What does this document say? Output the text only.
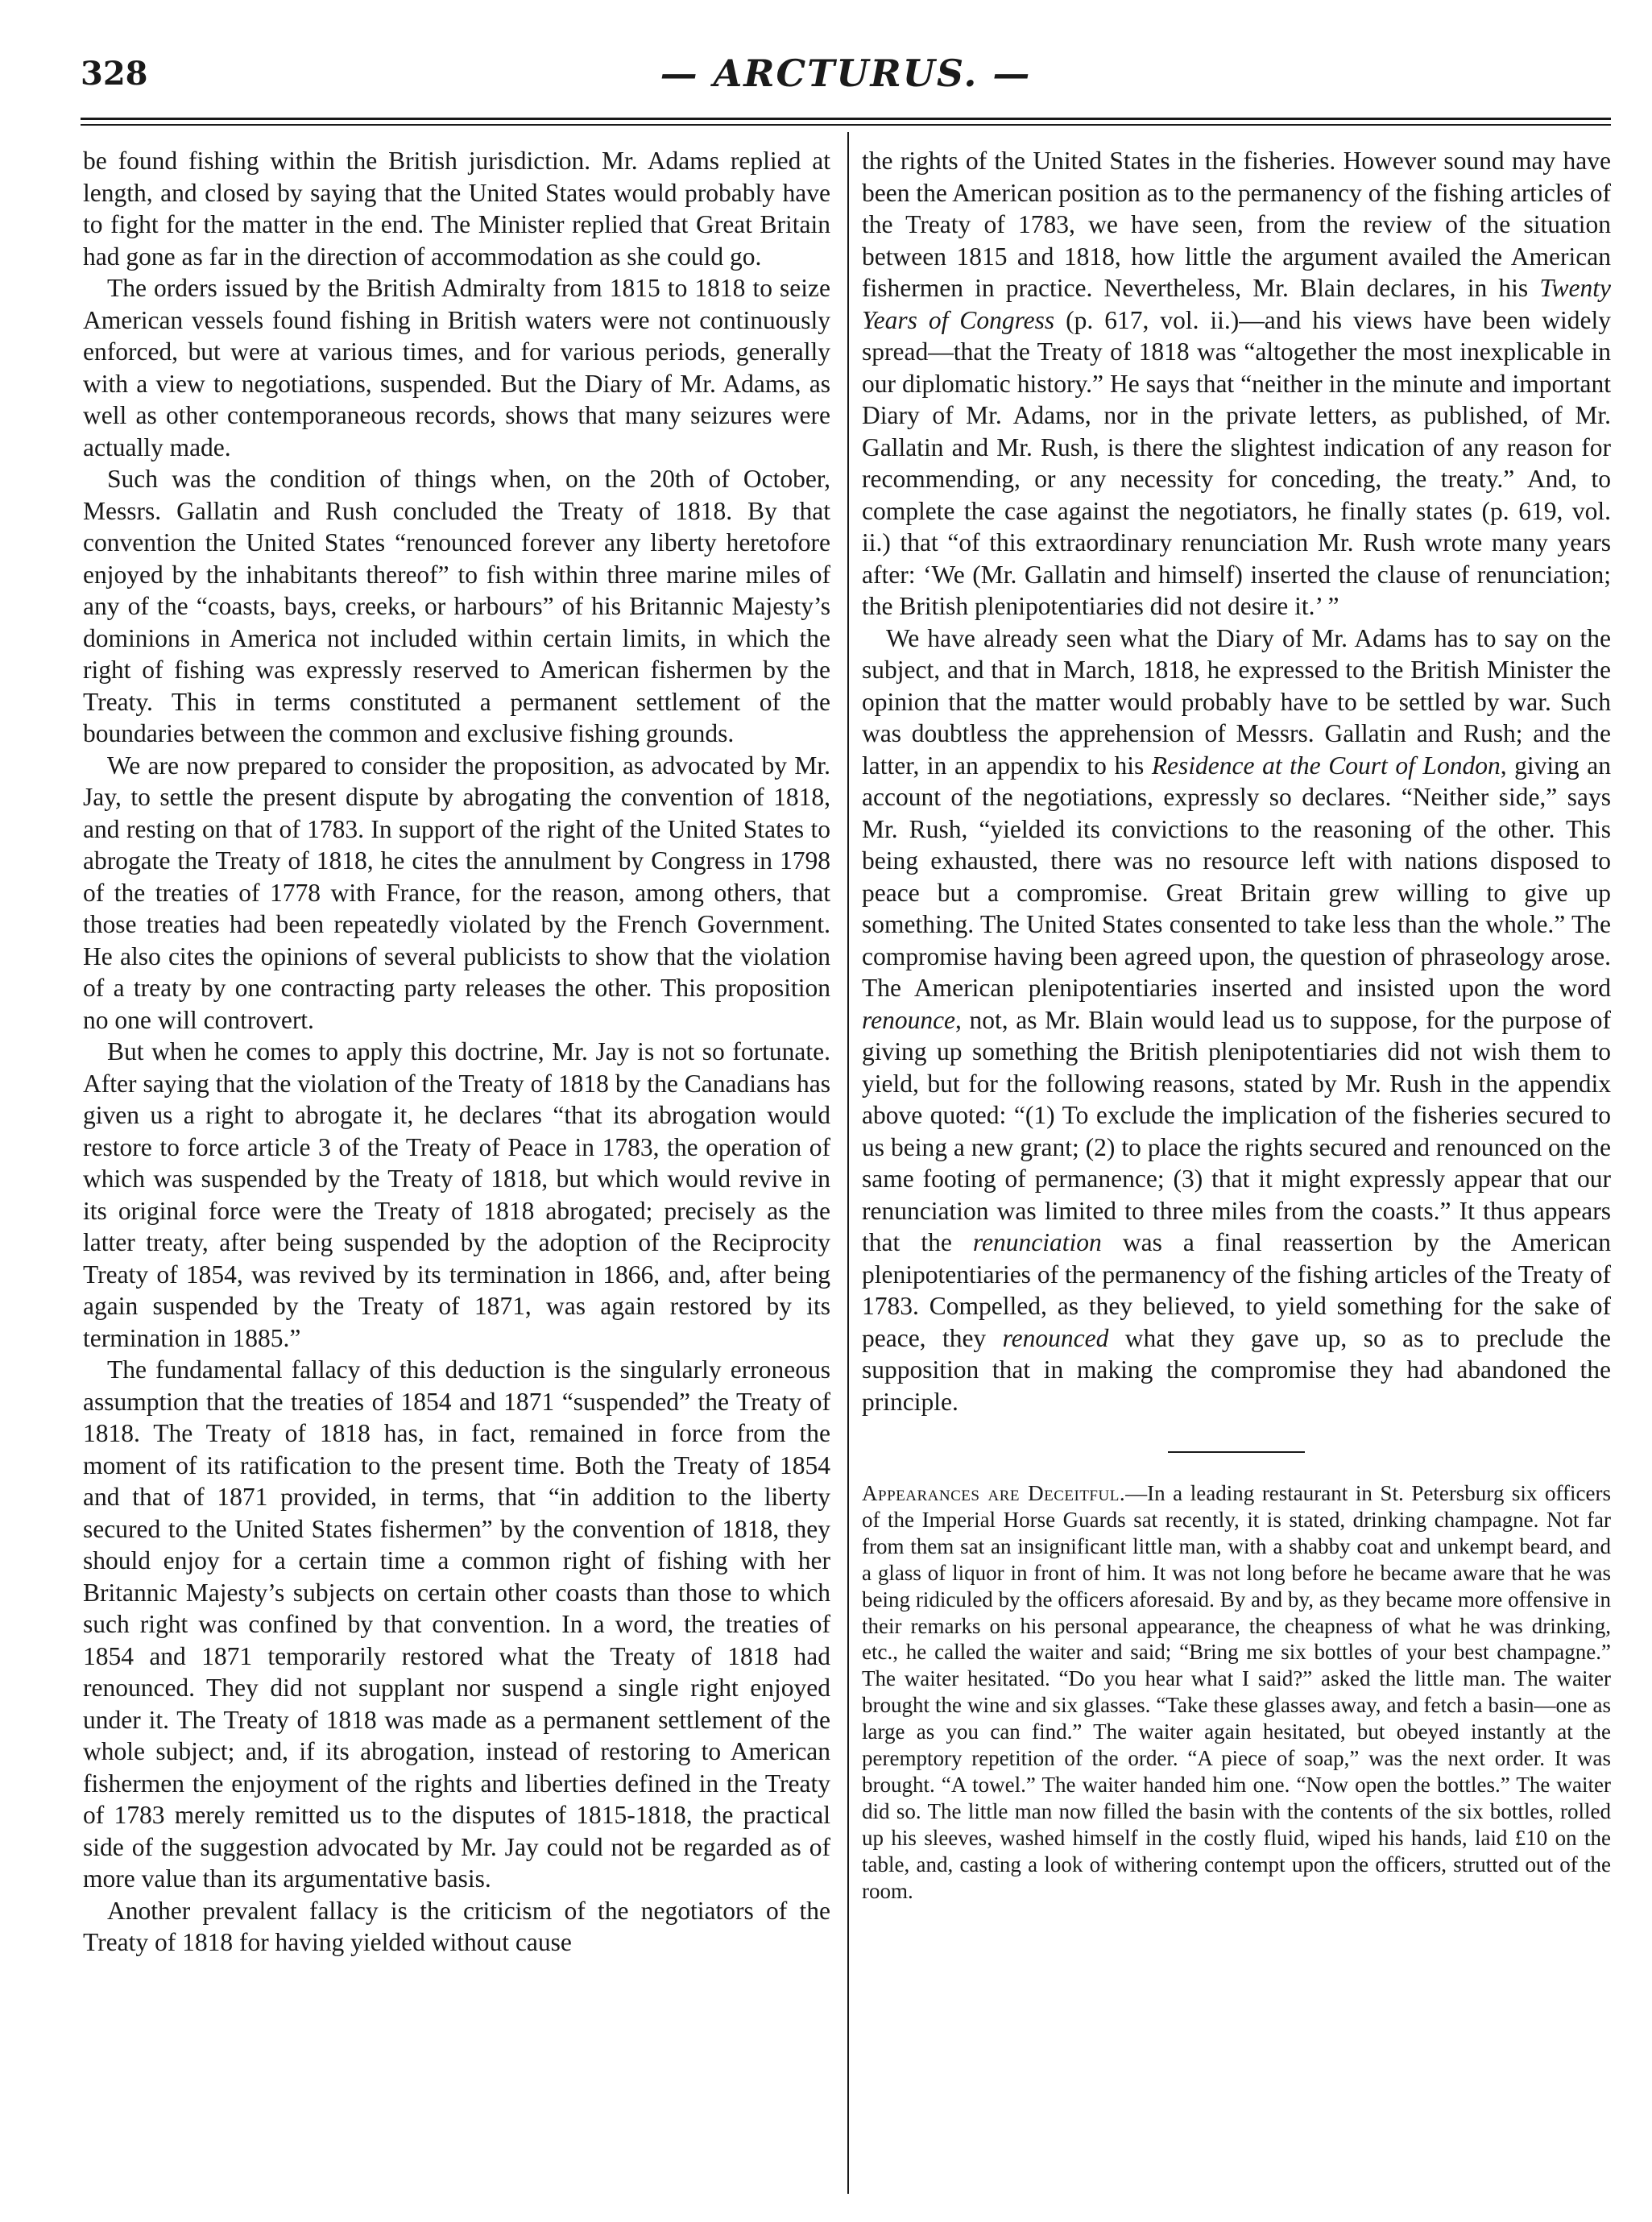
328	— ARCTURUS. —

be found fishing within the British jurisdiction. Mr. Adams replied at length, and closed by saying that the United States would probably have to fight for the matter in the end. The Minister replied that Great Britain had gone as far in the direction of accommodation as she could go.

The orders issued by the British Admiralty from 1815 to 1818 to seize American vessels found fishing in British waters were not continuously enforced, but were at various times, and for various periods, generally with a view to negotiations, suspended. But the Diary of Mr. Adams, as well as other contemporaneous records, shows that many seizures were actually made.

Such was the condition of things when, on the 20th of October, Messrs. Gallatin and Rush concluded the Treaty of 1818. By that convention the United States “renounced forever any liberty heretofore enjoyed by the inhabitants thereof” to fish within three marine miles of any of the “coasts, bays, creeks, or harbours” of his Britannic Majesty’s dominions in America not included within certain limits, in which the right of fishing was expressly reserved to American fishermen by the Treaty. This in terms constituted a permanent settlement of the boundaries between the common and exclusive fishing grounds.

We are now prepared to consider the proposition, as advocated by Mr. Jay, to settle the present dispute by abrogating the convention of 1818, and resting on that of 1783. In support of the right of the United States to abrogate the Treaty of 1818, he cites the annulment by Congress in 1798 of the treaties of 1778 with France, for the reason, among others, that those treaties had been repeatedly violated by the French Government. He also cites the opinions of several publicists to show that the violation of a treaty by one contracting party releases the other. This proposition no one will controvert.

But when he comes to apply this doctrine, Mr. Jay is not so fortunate. After saying that the violation of the Treaty of 1818 by the Canadians has given us a right to abrogate it, he declares “that its abrogation would restore to force article 3 of the Treaty of Peace in 1783, the operation of which was suspended by the Treaty of 1818, but which would revive in its original force were the Treaty of 1818 abrogated; precisely as the latter treaty, after being suspended by the adoption of the Reciprocity Treaty of 1854, was revived by its termination in 1866, and, after being again suspended by the Treaty of 1871, was again restored by its termination in 1885.”

The fundamental fallacy of this deduction is the singularly erroneous assumption that the treaties of 1854 and 1871 “suspended” the Treaty of 1818. The Treaty of 1818 has, in fact, remained in force from the moment of its ratification to the present time. Both the Treaty of 1854 and that of 1871 provided, in terms, that “in addition to the liberty secured to the United States fishermen” by the convention of 1818, they should enjoy for a certain time a common right of fishing with her Britannic Majesty’s subjects on certain other coasts than those to which such right was confined by that convention. In a word, the treaties of 1854 and 1871 temporarily restored what the Treaty of 1818 had renounced. They did not supplant nor suspend a single right enjoyed under it. The Treaty of 1818 was made as a permanent settlement of the whole subject; and, if its abrogation, instead of restoring to American fishermen the enjoyment of the rights and liberties defined in the Treaty of 1783 merely remitted us to the disputes of 1815-1818, the practical side of the suggestion advocated by Mr. Jay could not be regarded as of more value than its argumentative basis.

Another prevalent fallacy is the criticism of the negotiators of the Treaty of 1818 for having yielded without cause

the rights of the United States in the fisheries. However sound may have been the American position as to the permanency of the fishing articles of the Treaty of 1783, we have seen, from the review of the situation between 1815 and 1818, how little the argument availed the American fishermen in practice. Nevertheless, Mr. Blain declares, in his Twenty Years of Congress (p. 617, vol. ii.)—and his views have been widely spread—that the Treaty of 1818 was “altogether the most inexplicable in our diplomatic history.” He says that “neither in the minute and important Diary of Mr. Adams, nor in the private letters, as published, of Mr. Gallatin and Mr. Rush, is there the slightest indication of any reason for recommending, or any necessity for conceding, the treaty.” And, to complete the case against the negotiators, he finally states (p. 619, vol. ii.) that “of this extraordinary renunciation Mr. Rush wrote many years after: ‘We (Mr. Gallatin and himself) inserted the clause of renunciation; the British plenipotentiaries did not desire it.’ ”

We have already seen what the Diary of Mr. Adams has to say on the subject, and that in March, 1818, he expressed to the British Minister the opinion that the matter would probably have to be settled by war. Such was doubtless the apprehension of Messrs. Gallatin and Rush; and the latter, in an appendix to his Residence at the Court of London, giving an account of the negotiations, expressly so declares. “Neither side,” says Mr. Rush, “yielded its convictions to the reasoning of the other. This being exhausted, there was no resource left with nations disposed to peace but a compromise. Great Britain grew willing to give up something. The United States consented to take less than the whole.” The compromise having been agreed upon, the question of phraseology arose. The American plenipotentiaries inserted and insisted upon the word renounce, not, as Mr. Blain would lead us to suppose, for the purpose of giving up something the British plenipotentiaries did not wish them to yield, but for the following reasons, stated by Mr. Rush in the appendix above quoted: “(1) To exclude the implication of the fisheries secured to us being a new grant; (2) to place the rights secured and renounced on the same footing of permanence; (3) that it might expressly appear that our renunciation was limited to three miles from the coasts.” It thus appears that the renunciation was a final reassertion by the American plenipotentiaries of the permanency of the fishing articles of the Treaty of 1783. Compelled, as they believed, to yield something for the sake of peace, they renounced what they gave up, so as to preclude the supposition that in making the compromise they had abandoned the principle.

Appearances are Deceitful.—In a leading restaurant in St. Petersburg six officers of the Imperial Horse Guards sat recently, it is stated, drinking champagne. Not far from them sat an insignificant little man, with a shabby coat and unkempt beard, and a glass of liquor in front of him. It was not long before he became aware that he was being ridiculed by the officers aforesaid. By and by, as they became more offensive in their remarks on his personal appearance, the cheapness of what he was drinking, etc., he called the waiter and said; “Bring me six bottles of your best champagne.” The waiter hesitated. “Do you hear what I said?” asked the little man. The waiter brought the wine and six glasses. “Take these glasses away, and fetch a basin—one as large as you can find.” The waiter again hesitated, but obeyed instantly at the peremptory repetition of the order. “A piece of soap,” was the next order. It was brought. “A towel.” The waiter handed him one. “Now open the bottles.” The waiter did so. The little man now filled the basin with the contents of the six bottles, rolled up his sleeves, washed himself in the costly fluid, wiped his hands, laid £10 on the table, and, casting a look of withering contempt upon the officers, strutted out of the room.
